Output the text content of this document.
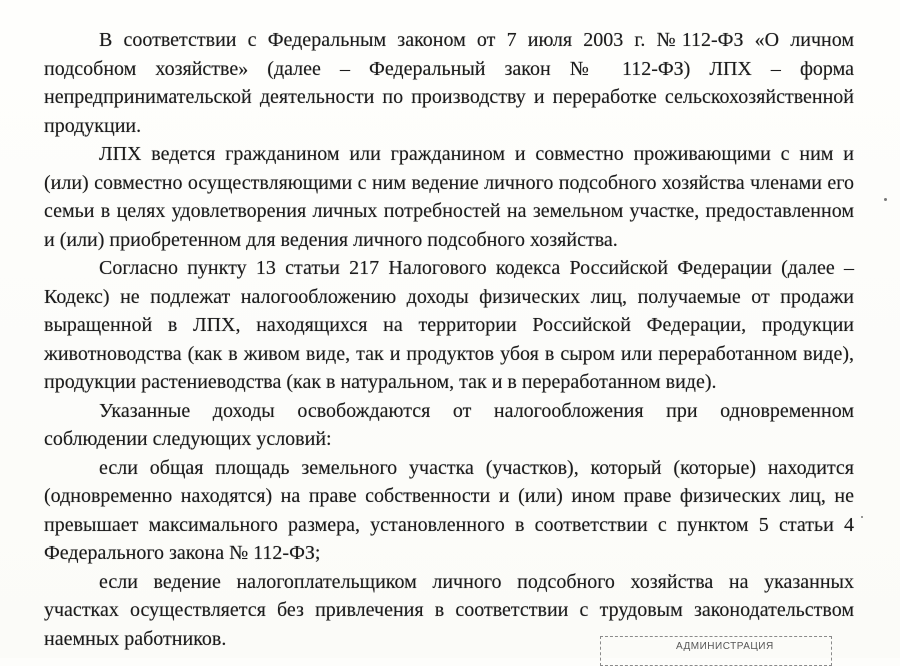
В соответствии с Федеральным законом от 7 июля 2003 г. №112-ФЗ «О личном подсобном хозяйстве» (далее – Федеральный закон № 112-ФЗ) ЛПХ – форма непредпринимательской деятельности по производству и переработке сельскохозяйственной продукции.

ЛПХ ведется гражданином или гражданином и совместно проживающими с ним и (или) совместно осуществляющими с ним ведение личного подсобного хозяйства членами его семьи в целях удовлетворения личных потребностей на земельном участке, предоставленном и (или) приобретенном для ведения личного подсобного хозяйства.

Согласно пункту 13 статьи 217 Налогового кодекса Российской Федерации (далее – Кодекс) не подлежат налогообложению доходы физических лиц, получаемые от продажи выращенной в ЛПХ, находящихся на территории Российской Федерации, продукции животноводства (как в живом виде, так и продуктов убоя в сыром или переработанном виде), продукции растениеводства (как в натуральном, так и в переработанном виде).

Указанные доходы освобождаются от налогообложения при одновременном соблюдении следующих условий:

если общая площадь земельного участка (участков), который (которые) находится (одновременно находятся) на праве собственности и (или) ином праве физических лиц, не превышает максимального размера, установленного в соответствии с пунктом 5 статьи 4 Федерального закона № 112-ФЗ;

если ведение налогоплательщиком личного подсобного хозяйства на указанных участках осуществляется без привлечения в соответствии с трудовым законодательством наемных работников.	АДМИНИСТРАЦИЯ
